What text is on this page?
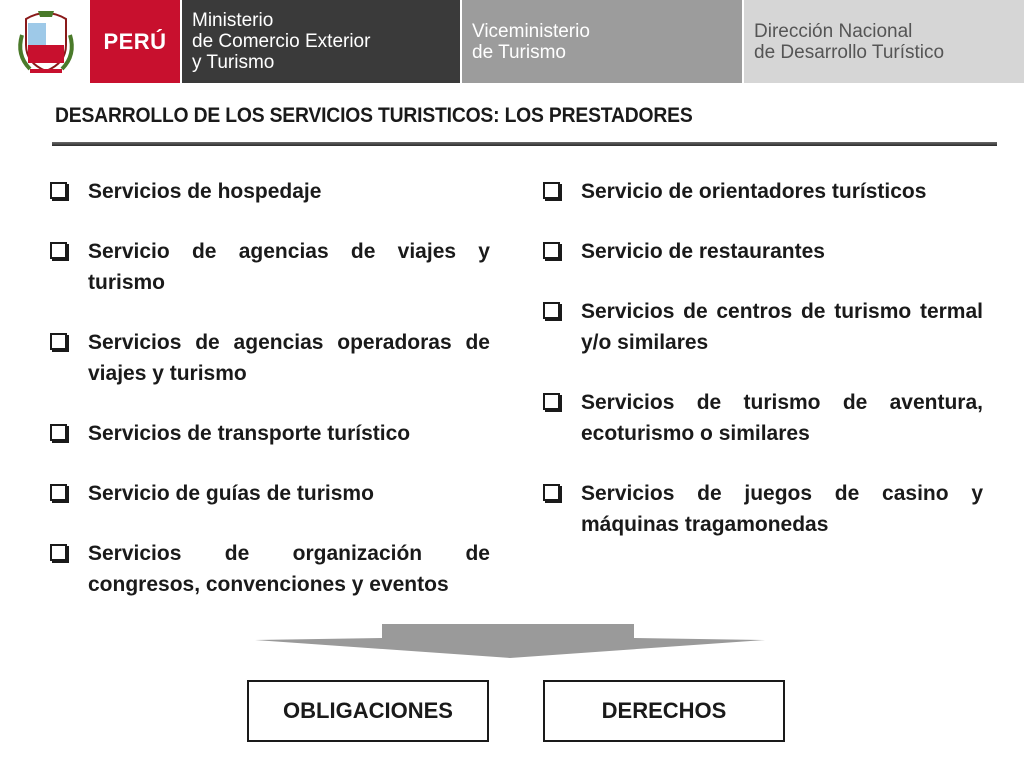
PERÚ
Ministerio
de Comercio Exterior
y Turismo
Viceministerio
de Turismo
Dirección Nacional
de Desarrollo Turístico
DESARROLLO DE LOS SERVICIOS TURISTICOS: LOS PRESTADORES
Servicios de hospedaje
Servicio de agencias de viajes y turismo
Servicios de agencias operadoras de viajes y turismo
Servicios de transporte turístico
Servicio de guías de turismo
Servicios de organización de congresos, convenciones y eventos
Servicio de orientadores turísticos
Servicio de restaurantes
Servicios de centros de turismo termal y/o similares
Servicios de turismo de aventura, ecoturismo o similares
Servicios de juegos de casino y máquinas tragamonedas
OBLIGACIONES	DERECHOS
